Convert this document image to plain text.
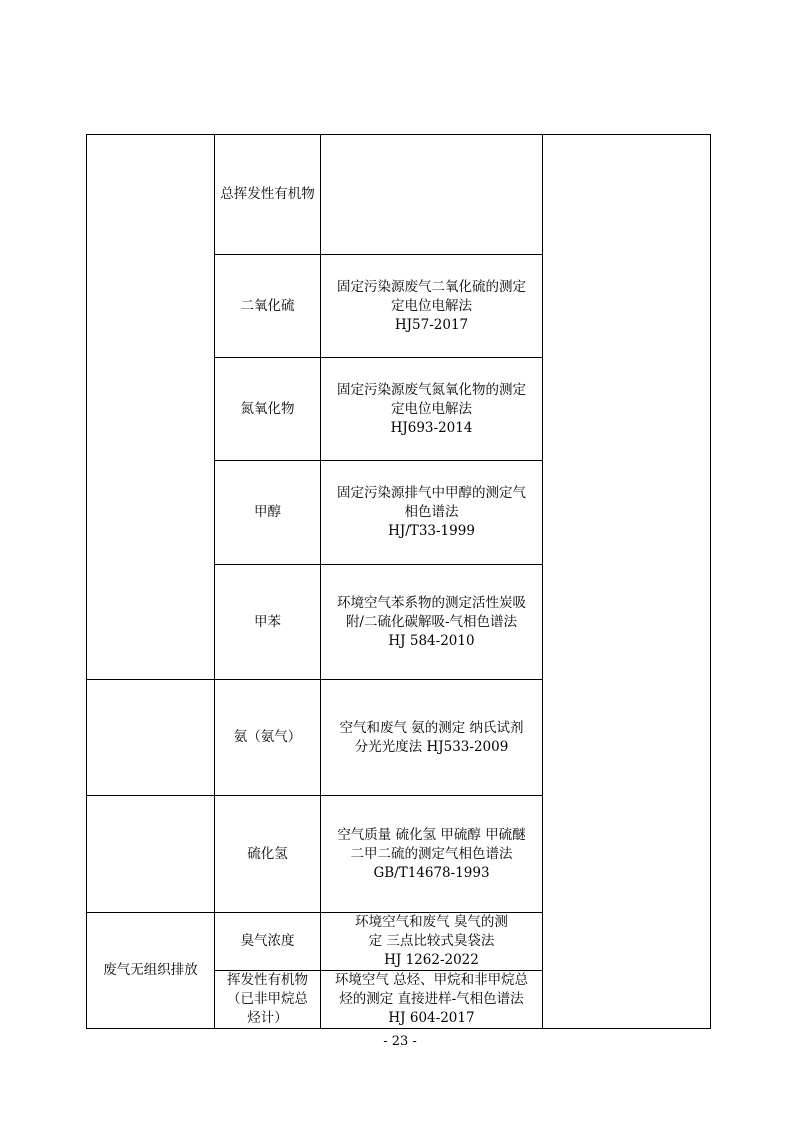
	总挥发性有机物		

	二氧化硫	固定污染源废气二氧化硫的测定
定电位电解法
HJ57-2017	

	氮氧化物	固定污染源废气氮氧化物的测定
定电位电解法
HJ693-2014	

	甲醇	固定污染源排气中甲醇的测定气
相色谱法
HJ/T33-1999	

	甲苯	环境空气苯系物的测定活性炭吸
附/二硫化碳解吸-气相色谱法
HJ 584-2010	

	氨（氨气）	空气和废气 氨的测定 纳氏试剂
分光光度法 HJ533-2009	

	硫化氢	空气质量 硫化氢 甲硫醇 甲硫醚
二甲二硫的测定气相色谱法
GB/T14678-1993	

废气无组织排放	臭气浓度	环境空气和废气 臭气的测
定 三点比较式臭袋法
HJ 1262-2022	

	挥发性有机物
（已非甲烷总
烃计）	环境空气 总烃、甲烷和非甲烷总
烃的测定 直接进样-气相色谱法
HJ 604-2017	
- 23 -
